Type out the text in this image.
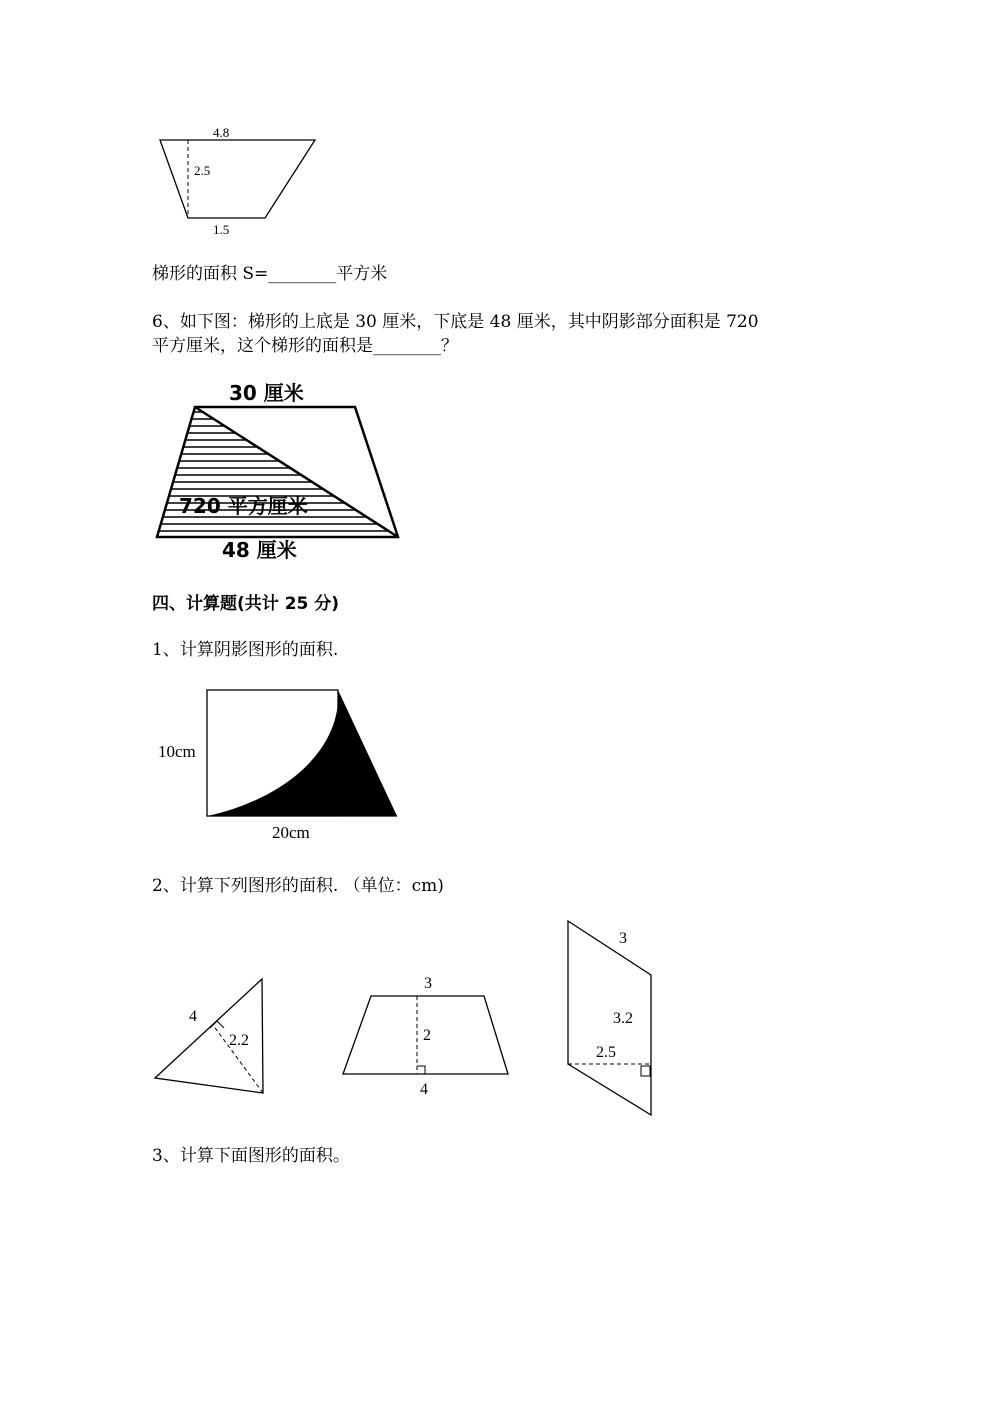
梯形的面积 S=________平方米
6、如下图：梯形的上底是 30 厘米，下底是 48 厘米，其中阴影部分面积是 720
平方厘米，这个梯形的面积是________？
四、计算题(共计 25 分)
1、计算阴影图形的面积.
2、计算下列图形的面积. （单位：cm)
3、计算下面图形的面积。
4.8
2.5
1.5
30 厘米
720 平方厘米
48 厘米
10cm
20cm
4
2.2
3
2
4
3
3.2
2.5
